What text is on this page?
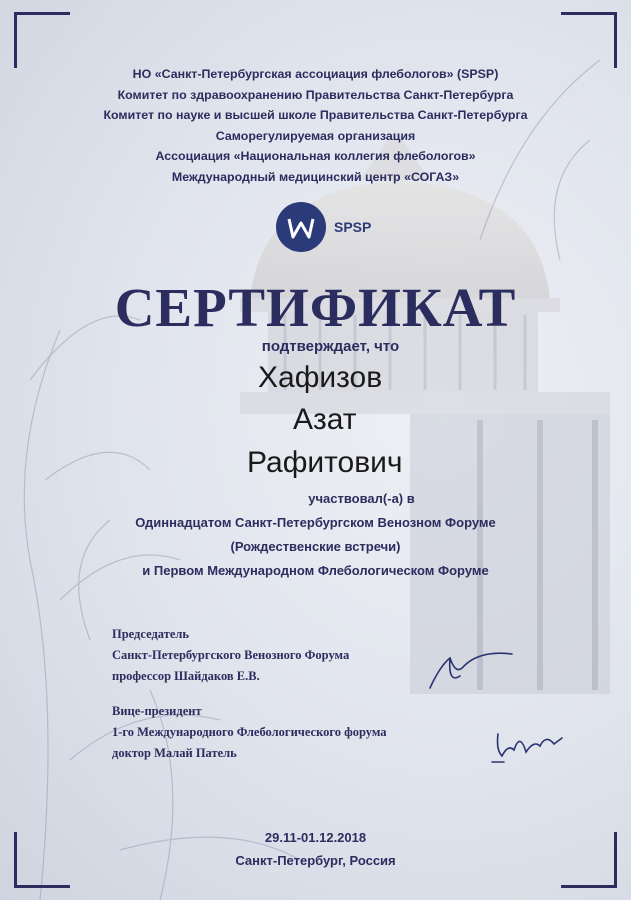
НО «Санкт-Петербургская ассоциация флебологов» (SPSP)
Комитет по здравоохранению Правительства Санкт-Петербурга
Комитет по науке и высшей школе Правительства Санкт-Петербурга
Саморегулируемая организация
Ассоциация «Национальная коллегия флебологов»
Международный медицинский центр «СОГАЗ»
SPSP
СЕРТИФИКАТ
подтверждает, что
Хафизов
Азат
Рафитович
участвовал(-а) в
Одиннадцатом Санкт-Петербургском Венозном Форуме
(Рождественские встречи)
и Первом Международном Флебологическом Форуме
Председатель
Санкт-Петербургского Венозного Форума
профессор Шайдаков Е.В.
Вице-президент
1-го Международного Флебологического форума
доктор Малай Патель
29.11-01.12.2018
Санкт-Петербург, Россия
